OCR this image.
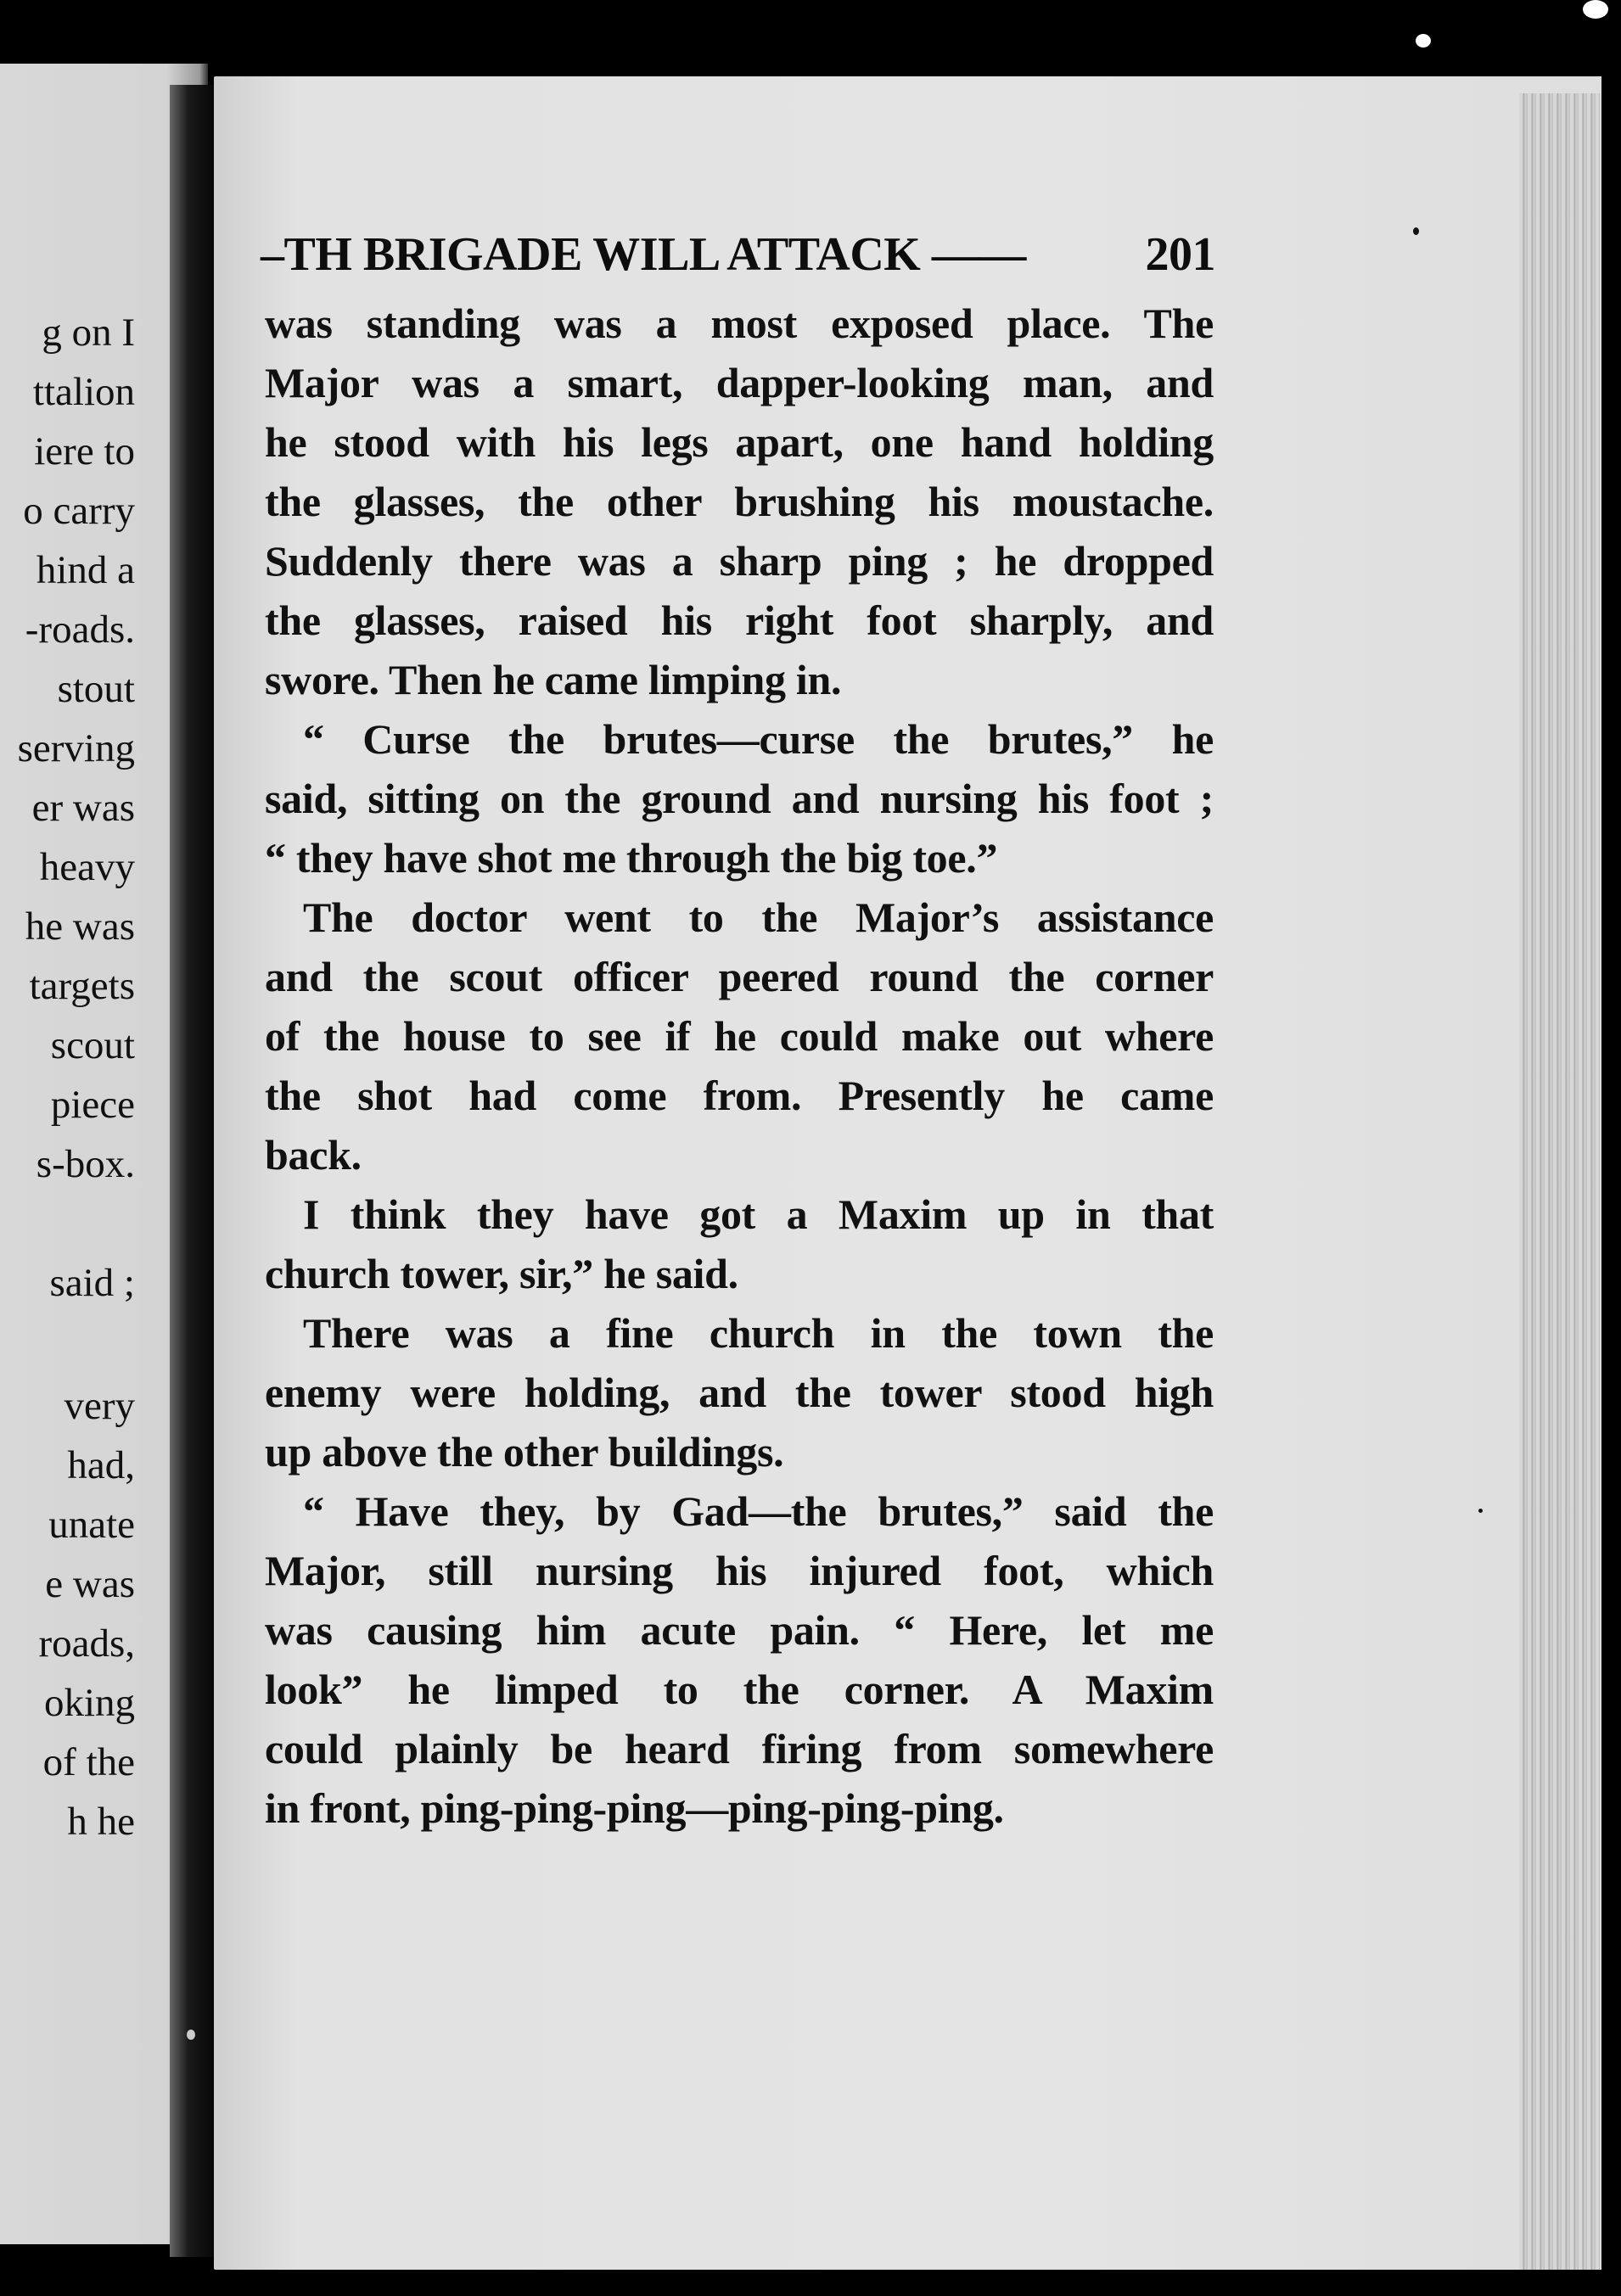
g on I
ttalion
iere to
o carry
hind a
-roads.
stout
serving
er was
heavy
he was
targets
scout
piece
s-box.
said ;
very
had,
unate
e was
roads,
oking
of the
h he
–TH BRIGADE WILL ATTACK ——	201
was standing was a most exposed place. The
Major was a smart, dapper-looking man, and
he stood with his legs apart, one hand holding
the glasses, the other brushing his moustache.
Suddenly there was a sharp ping ; he dropped
the glasses, raised his right foot sharply, and
swore. Then he came limping in.
“ Curse the brutes—curse the brutes,” he
said, sitting on the ground and nursing his foot ;
“ they have shot me through the big toe.”
The doctor went to the Major’s assistance
and the scout officer peered round the corner
of the house to see if he could make out where
the shot had come from. Presently he came
back.
I think they have got a Maxim up in that
church tower, sir,” he said.
There was a fine church in the town the
enemy were holding, and the tower stood high
up above the other buildings.
“ Have they, by Gad—the brutes,” said the
Major, still nursing his injured foot, which
was causing him acute pain. “ Here, let me
look” he limped to the corner. A Maxim
could plainly be heard firing from somewhere
in front, ping-ping-ping—ping-ping-ping.
